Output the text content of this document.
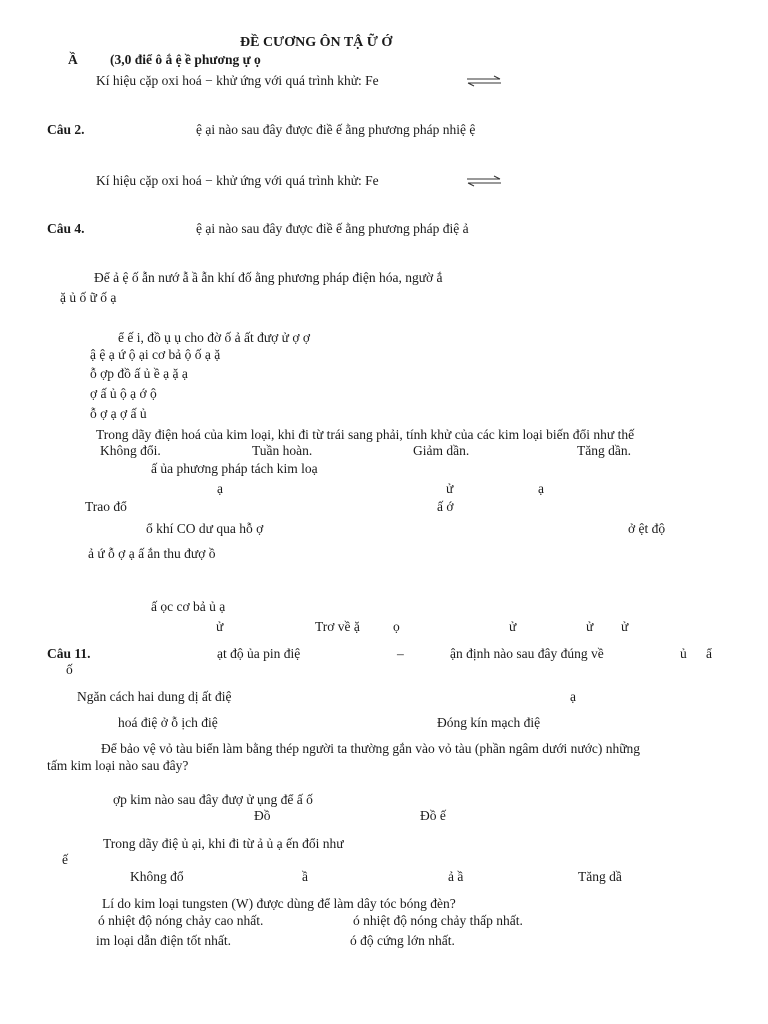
ĐỀ CƯƠNG ÔN TẬ Ữ Ớ
Ầ (3,0 điể ô ắ ệ ề phương ự ọ
Kí hiệu cặp oxi hoá − khử ứng với quá trình khử: Fe
Câu 2.	ệ ại nào sau đây được điề ế ằng phương pháp nhiệ ệ
Kí hiệu cặp oxi hoá − khử ứng với quá trình khử: Fe
Câu 4.	ệ ại nào sau đây được điề ế ằng phương pháp điệ ả
Để ả ệ ố ẫn nướ ẫ ầ ẫn khí đố ằng phương pháp điện hóa, ngườ ắ
ặ ủ ố ữ ố ạ
ể ế i, đồ ụ ụ cho đờ ố ả ất đượ ử ợ ợ
ậ ệ ạ ứ ộ ại cơ bả ộ ố ạ ặ
ỗ ợp đồ ấ ủ ề ạ ặ ạ
ợ ấ ủ ộ ạ ớ ộ
ỗ ợ ạ ợ ấ ủ
Trong dãy điện hoá của kim loại, khi đi từ trái sang phải, tính khử của các kim loại biến đổi như thế
Không đổi.	Tuần hoàn.	Giảm dần.	Tăng dần.
ấ ủa phương pháp tách kim loạ
ạ	ử	ạ
Trao đổ	ấ ớ
ổ khí CO dư qua hỗ ợ	ở ệt độ
ả ứ ỗ ợ ạ ấ ắn thu đượ ồ
ấ ọc cơ bả ủ ạ
ử	Trơ về ặ ọ	ử	ử ử
Câu 11.	ạt độ ủa pin điệ	–	ận định nào sau đây đúng về	ủ ẩ
ố
Ngăn cách hai dung dị ất điệ	ạ
hoá điệ ở ỗ ịch điệ	Đóng kín mạch điệ
Để bảo vệ vỏ tàu biển làm bằng thép người ta thường gắn vào vỏ tàu (phần ngâm dưới nước) những
tấm kim loại nào sau đây?
ợp kim nào sau đây đượ ử ụng để ấ ố
Đồ	Đồ ế
Trong dãy điệ ủ ại, khi đi từ ả ủ ạ ến đổi như
ế
Không đổ	ầ	ả ầ	Tăng dầ
Lí do kim loại tungsten (W) được dùng để làm dây tóc bóng đèn?
ó nhiệt độ nóng chảy cao nhất.	ó nhiệt độ nóng chảy thấp nhất.
im loại dẫn điện tốt nhất.	ó độ cứng lớn nhất.
